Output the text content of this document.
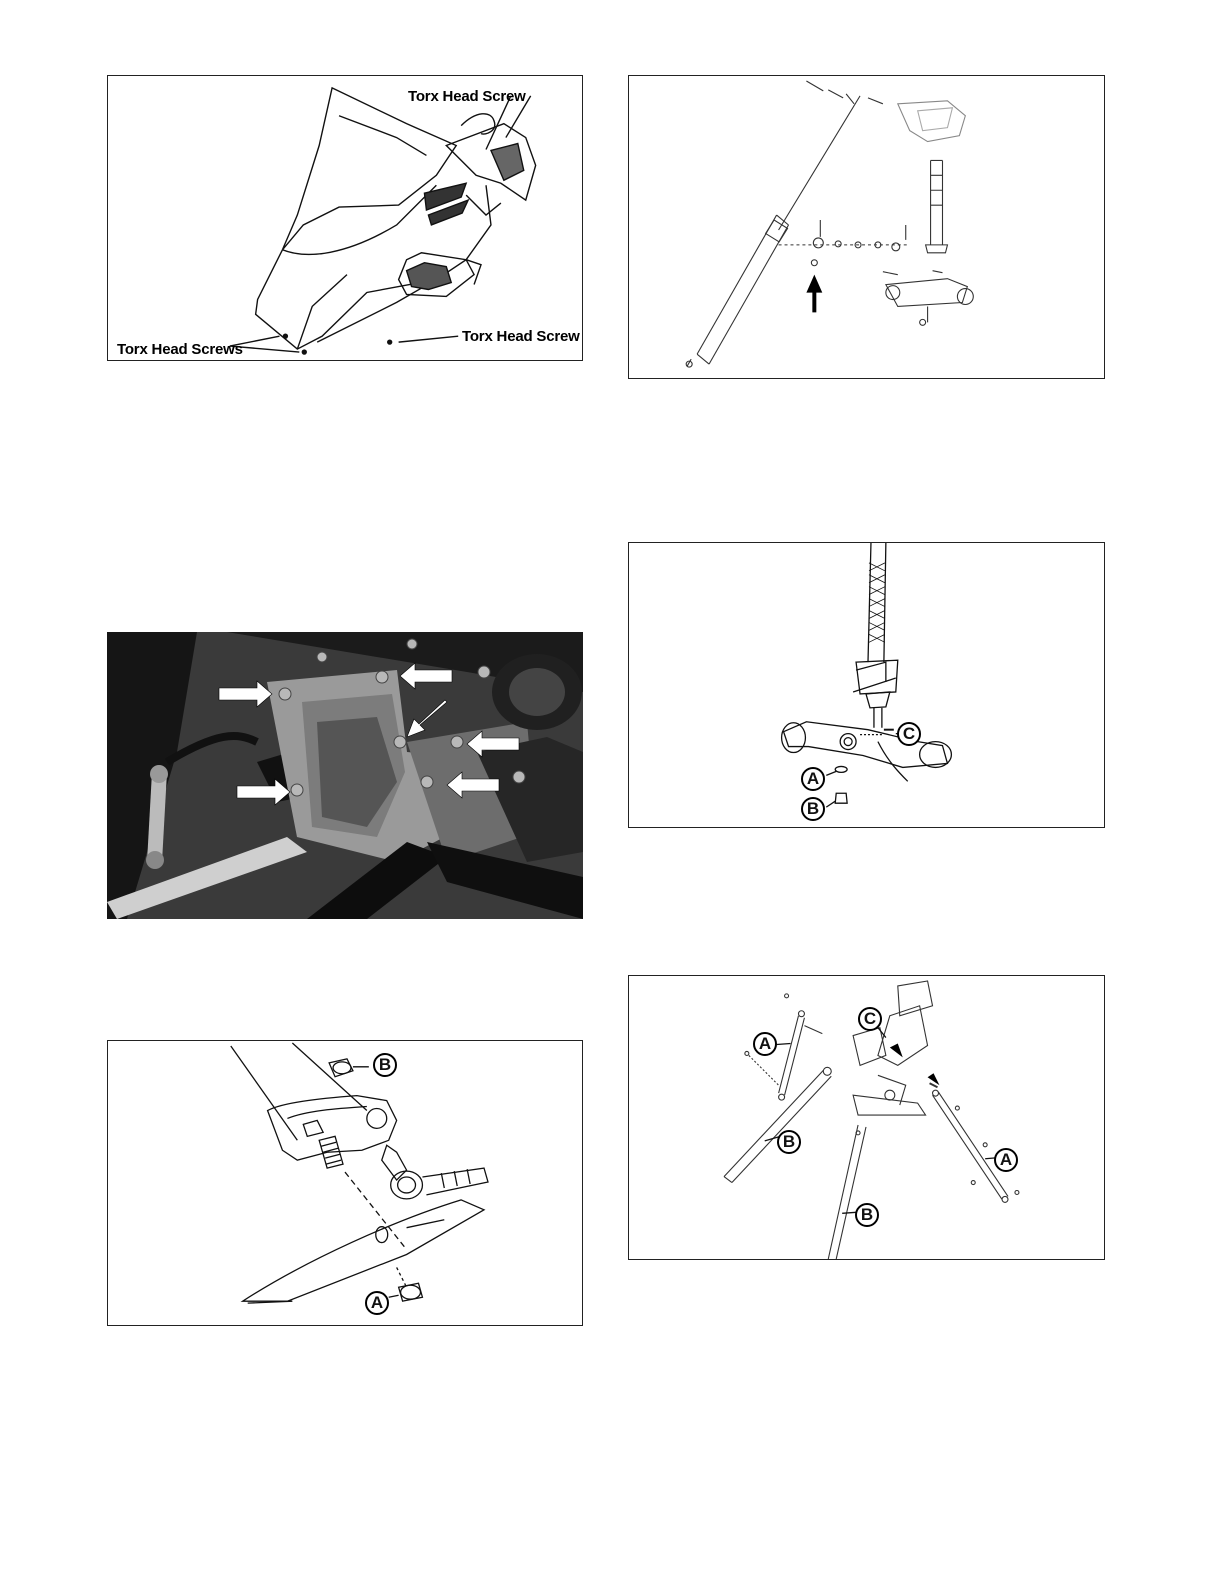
Torx Head Screw
Torx Head Screws
Torx Head Screw
A
B
C
B
A
A
B
C
A
B
